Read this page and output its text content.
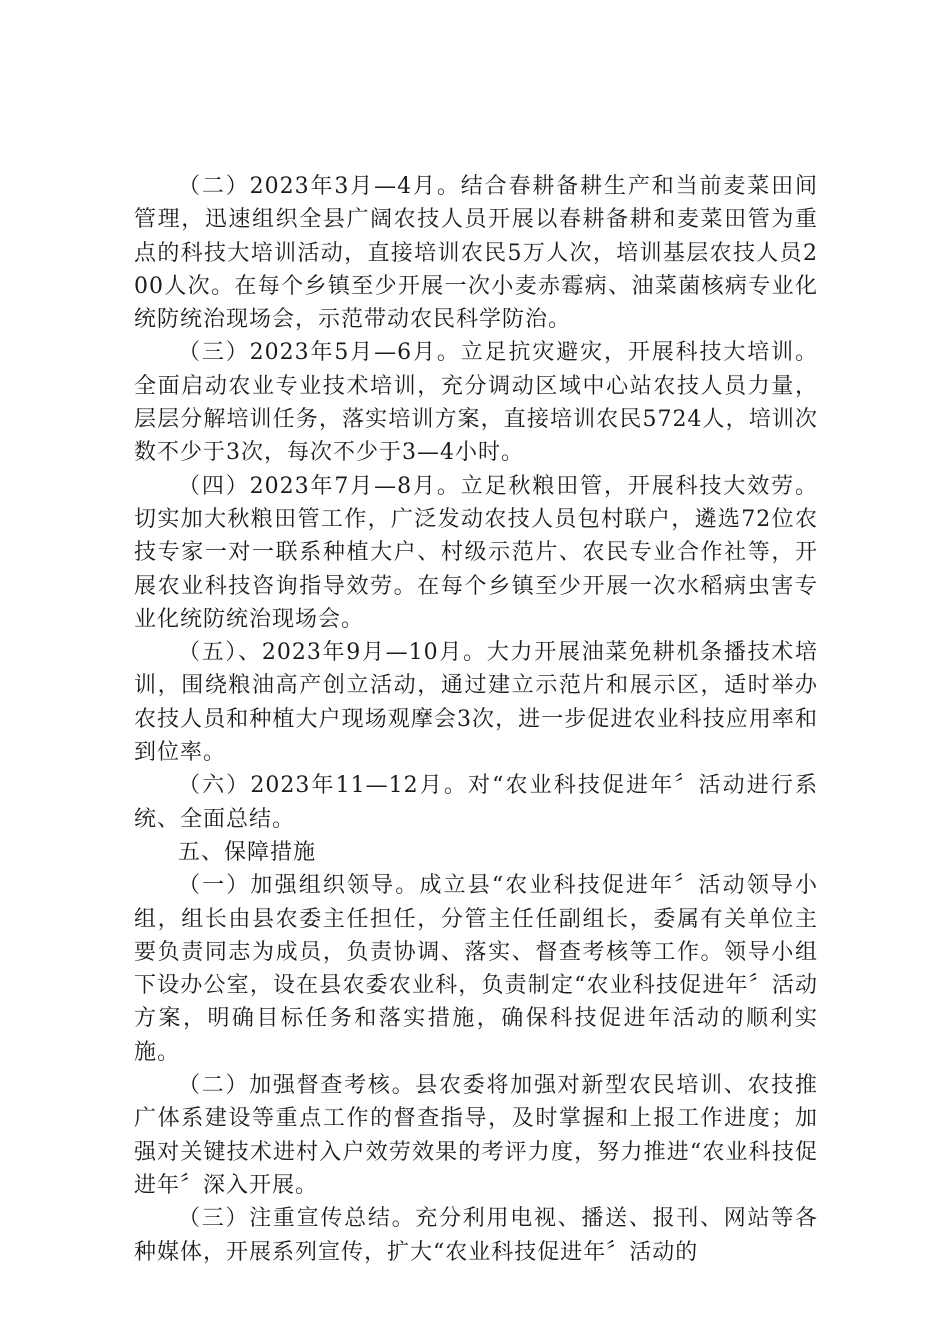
（二）2023年3月—4月。结合春耕备耕生产和当前麦菜田间管理，迅速组织全县广阔农技人员开展以春耕备耕和麦菜田管为重点的科技大培训活动，直接培训农民5万人次，培训基层农技人员200人次。在每个乡镇至少开展一次小麦赤霉病、油菜菌核病专业化统防统治现场会，示范带动农民科学防治。

（三）2023年5月—6月。立足抗灾避灾，开展科技大培训。全面启动农业专业技术培训，充分调动区域中心站农技人员力量，层层分解培训任务，落实培训方案，直接培训农民5724人，培训次数不少于3次，每次不少于3—4小时。

（四）2023年7月—8月。立足秋粮田管，开展科技大效劳。切实加大秋粮田管工作，广泛发动农技人员包村联户，遴选72位农技专家一对一联系种植大户、村级示范片、农民专业合作社等，开展农业科技咨询指导效劳。在每个乡镇至少开展一次水稻病虫害专业化统防统治现场会。

（五）、2023年9月—10月。大力开展油菜免耕机条播技术培训，围绕粮油高产创立活动，通过建立示范片和展示区，适时举办农技人员和种植大户现场观摩会3次，进一步促进农业科技应用率和到位率。

（六）2023年11—12月。对“农业科技促进年〞活动进行系统、全面总结。

五、保障措施

（一）加强组织领导。成立县“农业科技促进年〞活动领导小组，组长由县农委主任担任，分管主任任副组长，委属有关单位主要负责同志为成员，负责协调、落实、督查考核等工作。领导小组下设办公室，设在县农委农业科，负责制定“农业科技促进年〞活动方案，明确目标任务和落实措施，确保科技促进年活动的顺利实施。

（二）加强督查考核。县农委将加强对新型农民培训、农技推广体系建设等重点工作的督查指导，及时掌握和上报工作进度；加强对关键技术进村入户效劳效果的考评力度，努力推进“农业科技促进年〞深入开展。

（三）注重宣传总结。充分利用电视、播送、报刊、网站等各种媒体，开展系列宣传，扩大“农业科技促进年〞活动的
